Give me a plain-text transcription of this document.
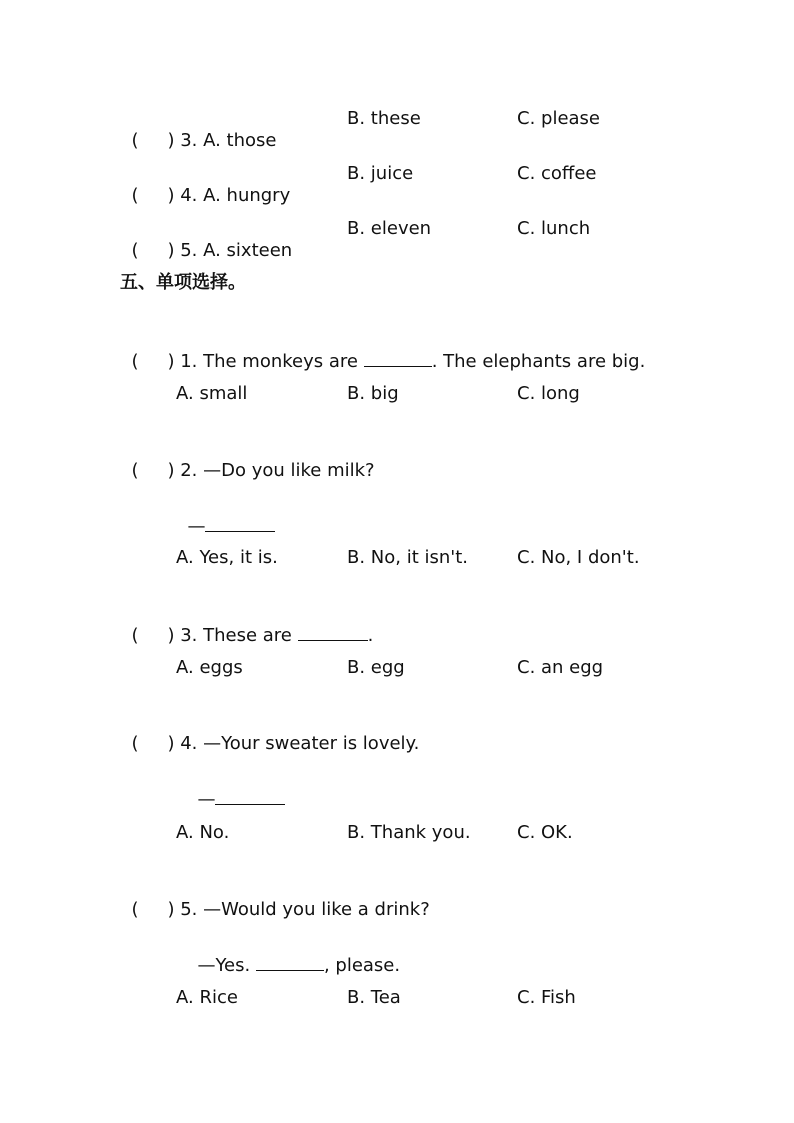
( ) 3. A. those

B. these	C. please

( ) 4. A. hungry

B. juice	C. coffee

( ) 5. A. sixteen

B. eleven	C. lunch
五、单项选择。

( ) 1. The monkeys are	. The elephants are big.

A. small	B. big	C. long

( ) 2. —Do you like milk?

—

A. Yes, it is.	B. No, it isn't.	C. No, I don't.

( ) 3. These are	.

A. eggs	B. egg	C. an egg

( ) 4. —Your sweater is lovely.

—

A. No.	B. Thank you.	C. OK.

( ) 5. —Would you like a drink?

—Yes.	, please.

A. Rice	B. Tea	C. Fish
